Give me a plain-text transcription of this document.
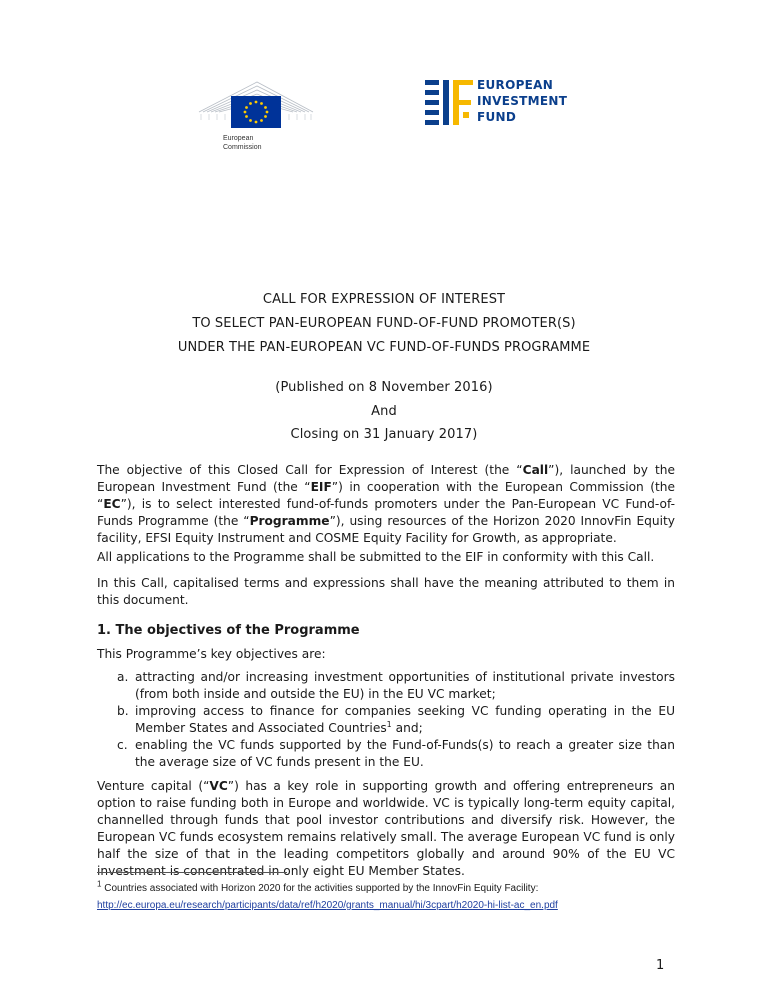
European
Commission
EUROPEAN
INVESTMENT
FUND
CALL FOR EXPRESSION OF INTEREST
TO SELECT PAN-EUROPEAN FUND-OF-FUND PROMOTER(S)
UNDER THE PAN-EUROPEAN VC FUND-OF-FUNDS PROGRAMME
(Published on 8 November 2016)
And
Closing on 31 January 2017)
The objective of this Closed Call for Expression of Interest (the “Call”), launched by the European Investment Fund (the “EIF”) in cooperation with the European Commission (the “EC”), is to select interested fund-of-funds promoters under the Pan-European VC Fund-of-Funds Programme (the “Programme”), using resources of the Horizon 2020 InnovFin Equity facility, EFSI Equity Instrument and COSME Equity Facility for Growth, as appropriate.
All applications to the Programme shall be submitted to the EIF in conformity with this Call.
In this Call, capitalised terms and expressions shall have the meaning attributed to them in this document.
1. The objectives of the Programme
This Programme’s key objectives are:
a. attracting and/or increasing investment opportunities of institutional private investors (from both inside and outside the EU) in the EU VC market;
b. improving access to finance for companies seeking VC funding operating in the EU Member States and Associated Countries$^1$ and;
c. enabling the VC funds supported by the Fund-of-Funds(s) to reach a greater size than the average size of VC funds present in the EU.
Venture capital (“VC”) has a key role in supporting growth and offering entrepreneurs an option to raise funding both in Europe and worldwide. VC is typically long-term equity capital, channelled through funds that pool investor contributions and diversify risk. However, the European VC funds ecosystem remains relatively small. The average European VC fund is only half the size of that in the leading competitors globally and around 90% of the EU VC investment is concentrated in only eight EU Member States.
$^1$ Countries associated with Horizon 2020 for the activities supported by the InnovFin Equity Facility:
http://ec.europa.eu/research/participants/data/ref/h2020/grants_manual/hi/3cpart/h2020-hi-list-ac_en.pdf
1
